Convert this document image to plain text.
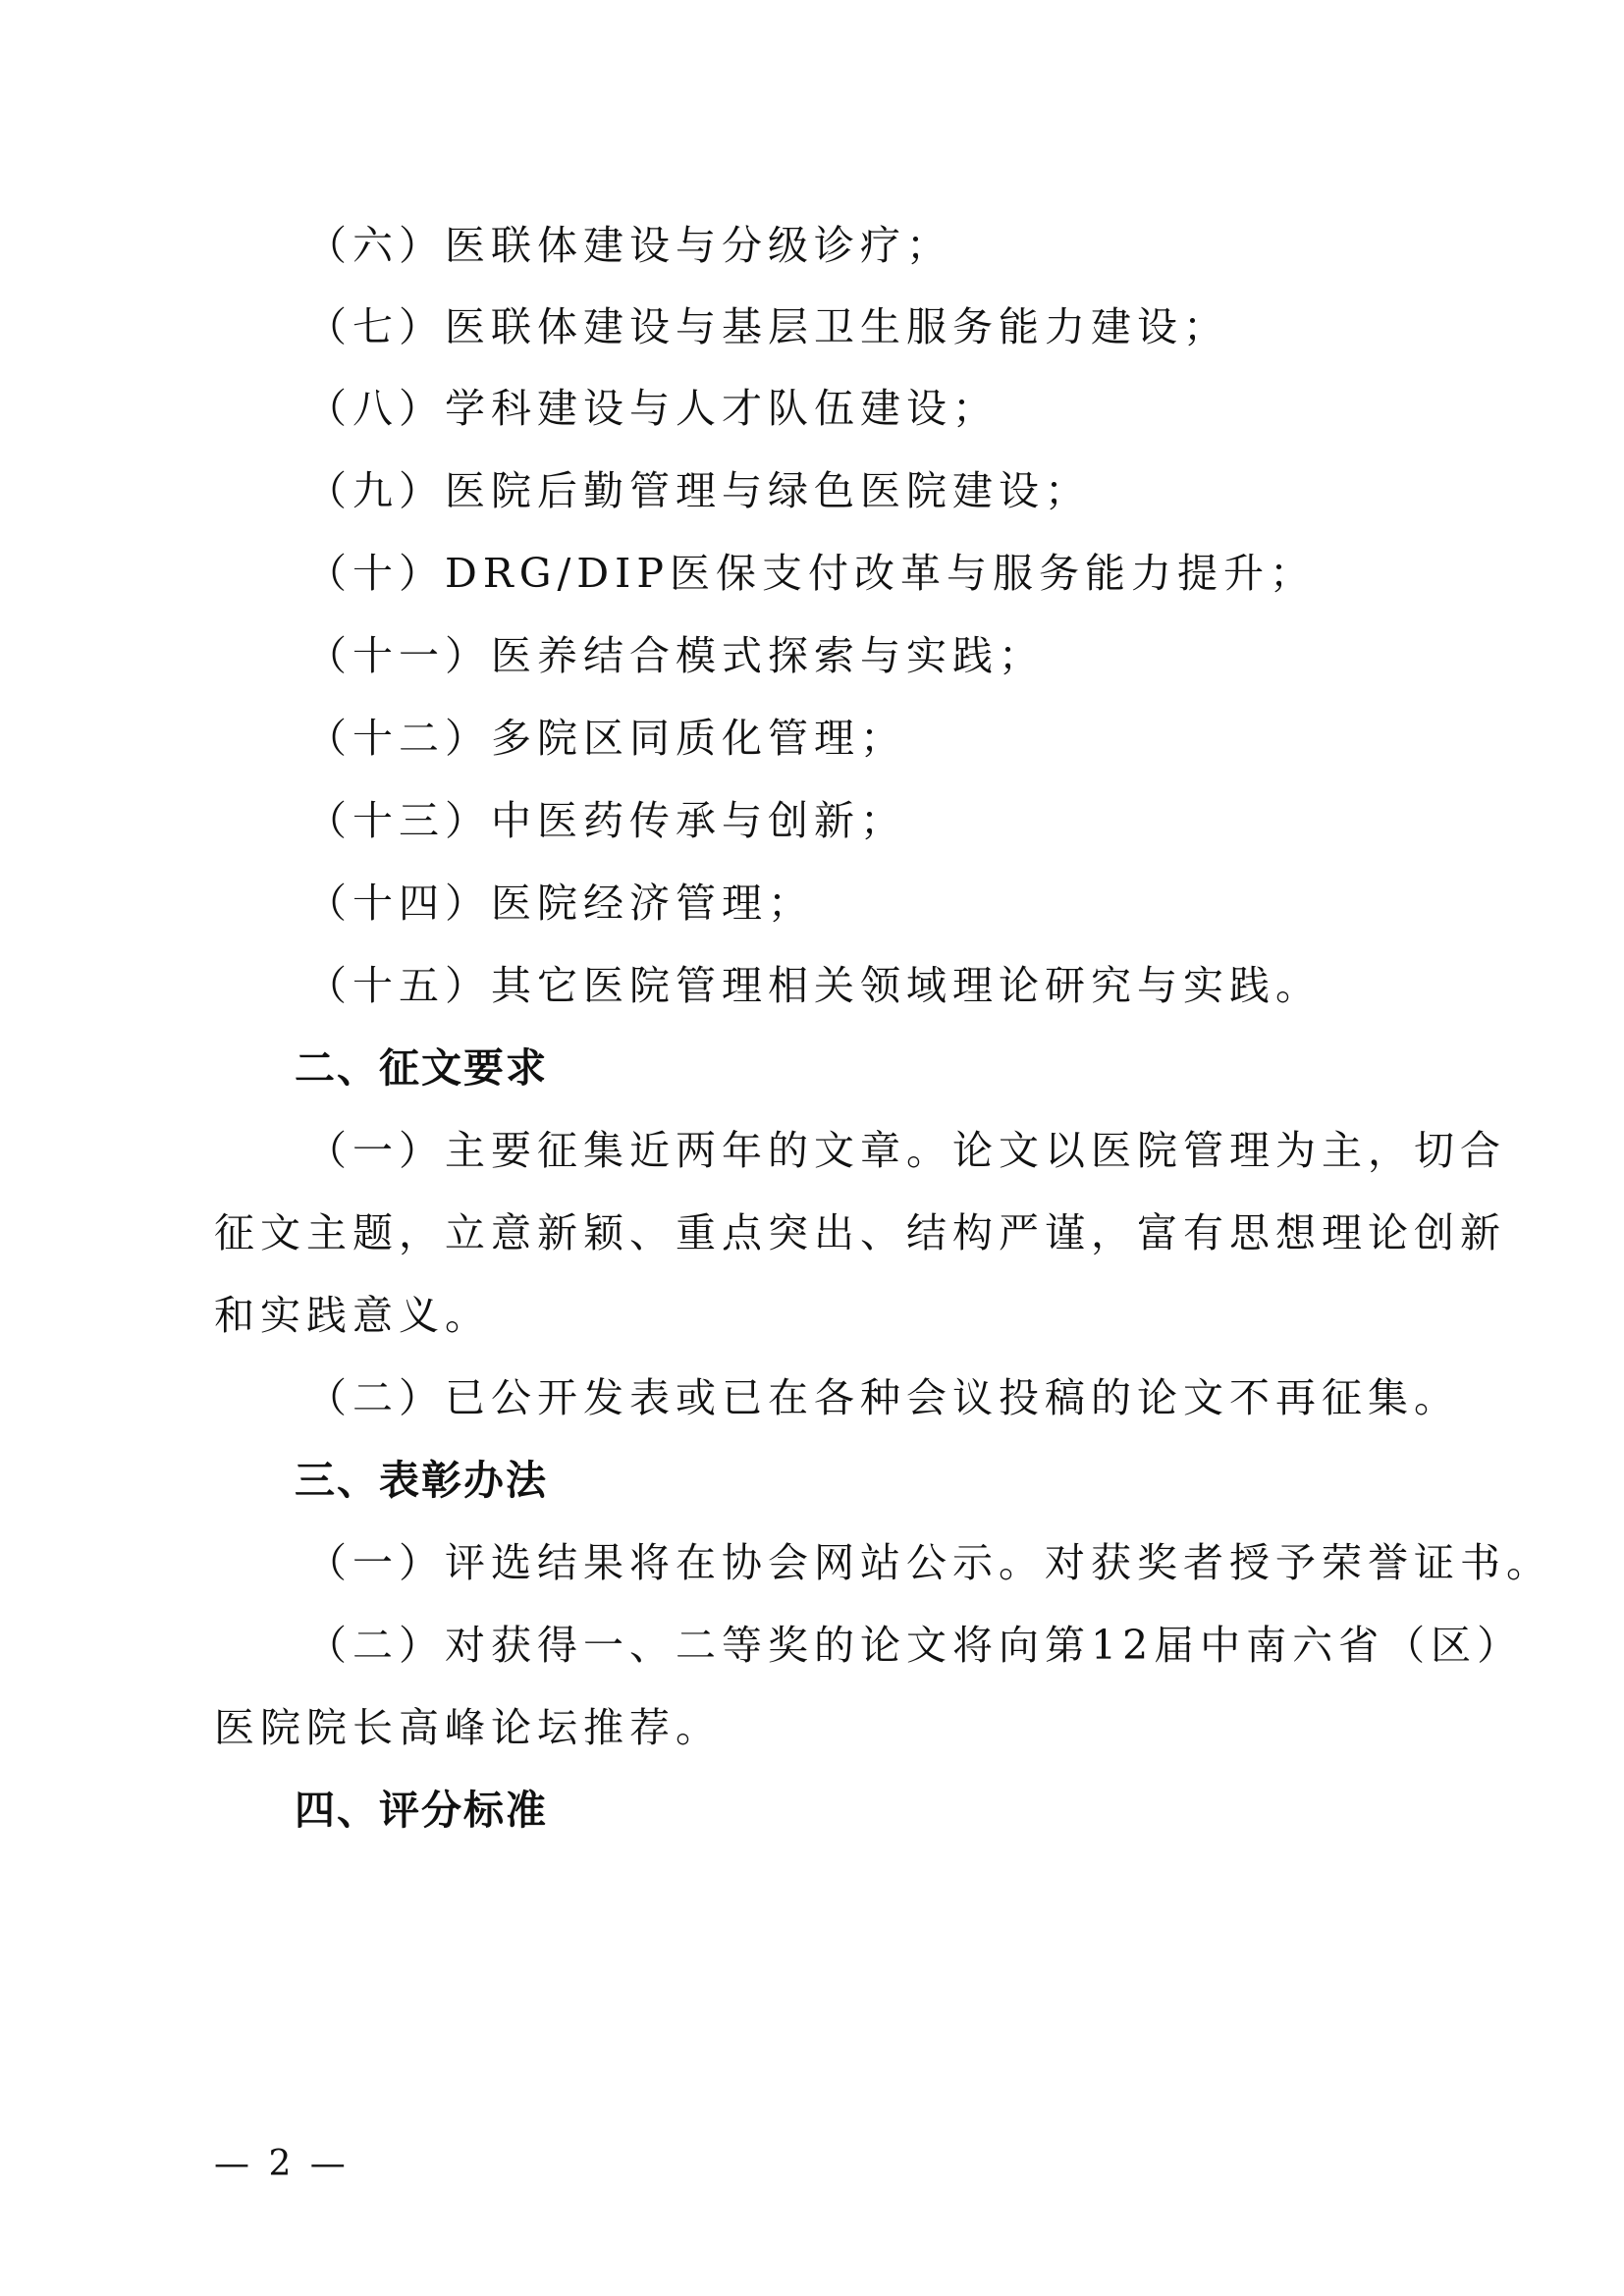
（六）医联体建设与分级诊疗；
（七）医联体建设与基层卫生服务能力建设；
（八）学科建设与人才队伍建设；
（九）医院后勤管理与绿色医院建设；
（十）DRG/DIP医保支付改革与服务能力提升；
（十一）医养结合模式探索与实践；
（十二）多院区同质化管理；
（十三）中医药传承与创新；
（十四）医院经济管理；
（十五）其它医院管理相关领域理论研究与实践。
二、征文要求
（一）主要征集近两年的文章。论文以医院管理为主，切合
征文主题，立意新颖、重点突出、结构严谨，富有思想理论创新
和实践意义。
（二）已公开发表或已在各种会议投稿的论文不再征集。
三、表彰办法
（一）评选结果将在协会网站公示。对获奖者授予荣誉证书。
（二）对获得一、二等奖的论文将向第12届中南六省（区）
医院院长高峰论坛推荐。
四、评分标准
— 2 —
